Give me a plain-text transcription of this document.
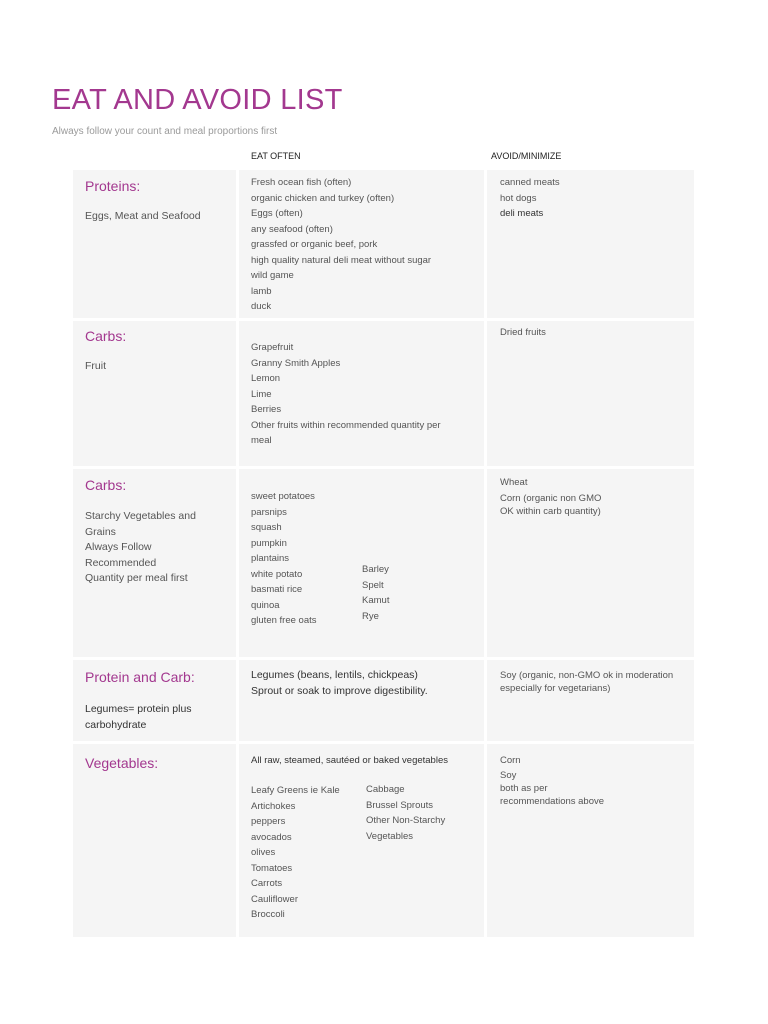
EAT AND AVOID LIST
Always follow your count and meal proportions first
EAT OFTEN	AVOID/MINIMIZE
Proteins:
Eggs, Meat and Seafood
Fresh ocean fish (often)
organic chicken and turkey (often)
Eggs (often)
any seafood (often)
grassfed or organic beef, pork
high quality natural deli meat without sugar
wild game
lamb
duck
canned meats
hot dogs
deli meats
Carbs:
Fruit
Grapefruit
Granny Smith Apples
Lemon
Lime
Berries
Other fruits within recommended quantity per
meal
Dried fruits
Carbs:
Starchy Vegetables and
Grains
Always Follow
Recommended
Quantity per meal first
sweet potatoes
parsnips
squash
pumpkin
plantains
white potato
basmati rice
quinoa
gluten free oats
Barley
Spelt
Kamut
Rye
Wheat
Corn (organic non GMO
OK within carb quantity)
Protein and Carb:
Legumes= protein plus
carbohydrate
Legumes (beans, lentils, chickpeas)
Sprout or soak to improve digestibility.
Soy (organic, non-GMO ok in moderation
especially for vegetarians)
Vegetables:	All raw, steamed, sautéed or baked vegetables
Leafy Greens ie Kale
Artichokes
peppers
avocados
olives
Tomatoes
Carrots
Cauliflower
Broccoli
Cabbage
Brussel Sprouts
Other Non-Starchy
Vegetables
Corn
Soy
both as per
recommendations above
